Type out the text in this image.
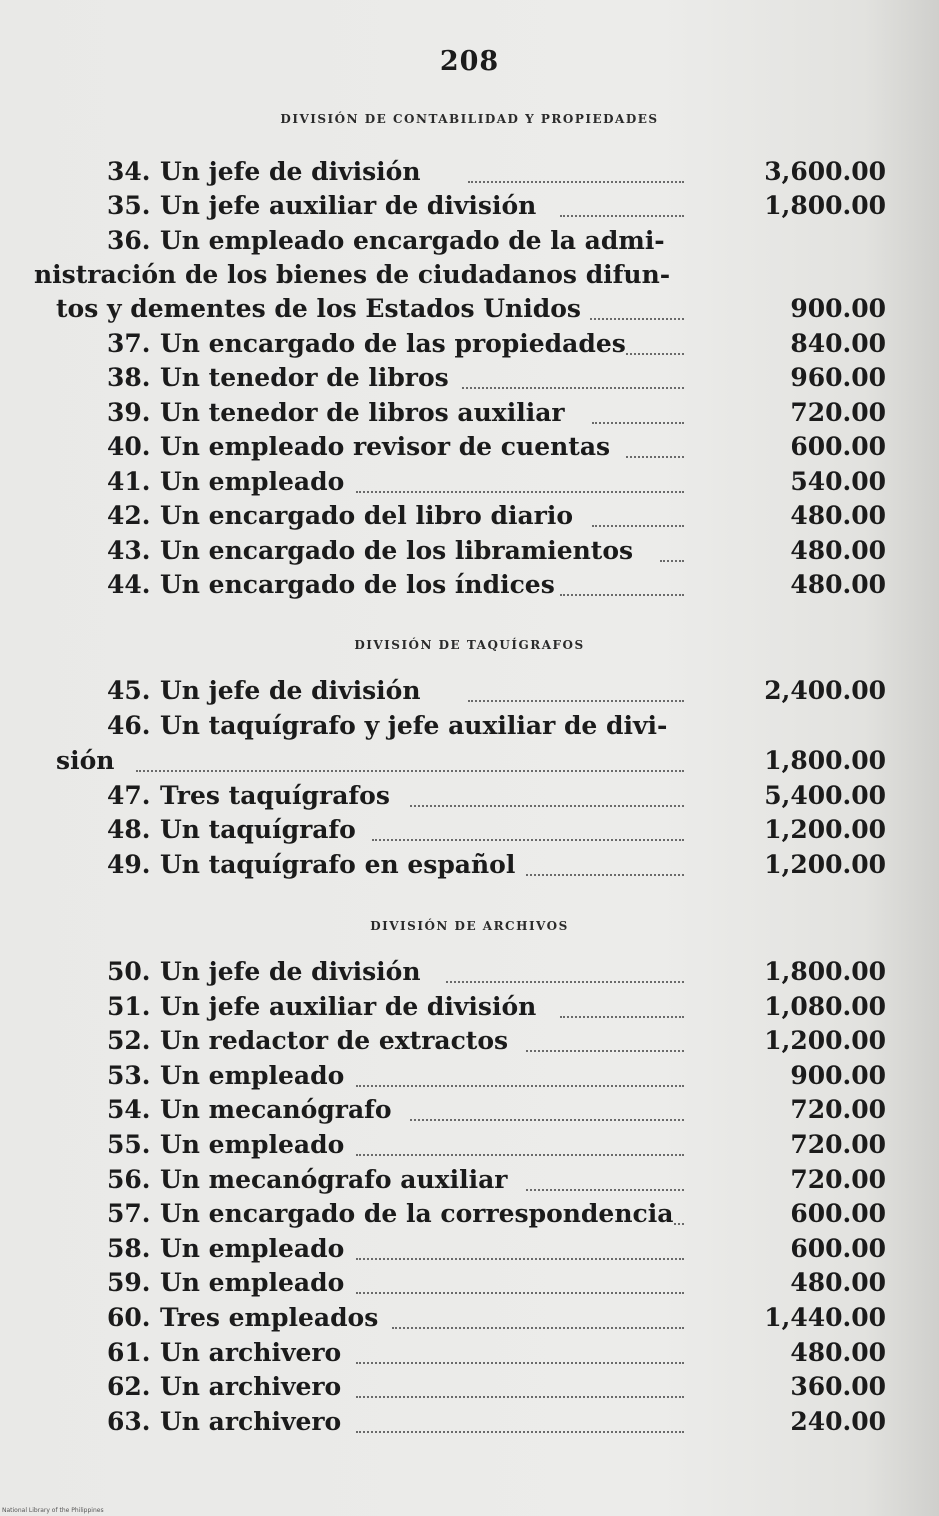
208
DIVISIÓN DE CONTABILIDAD Y PROPIEDADES
34. Un jefe de división	3,600.00
35. Un jefe auxiliar de división	1,800.00
36. Un empleado encargado de la admi-
nistración de los bienes de ciudadanos difun-
tos y dementes de los Estados Unidos	900.00
37. Un encargado de las propiedades	840.00
38. Un tenedor de libros	960.00
39. Un tenedor de libros auxiliar	720.00
40. Un empleado revisor de cuentas	600.00
41. Un empleado	540.00
42. Un encargado del libro diario	480.00
43. Un encargado de los libramientos	480.00
44. Un encargado de los índices	480.00
DIVISIÓN DE TAQUÍGRAFOS
45. Un jefe de división	2,400.00
46. Un taquígrafo y jefe auxiliar de divi-
sión	1,800.00
47. Tres taquígrafos	5,400.00
48. Un taquígrafo	1,200.00
49. Un taquígrafo en español	1,200.00
DIVISIÓN DE ARCHIVOS
50. Un jefe de división	1,800.00
51. Un jefe auxiliar de división	1,080.00
52. Un redactor de extractos	1,200.00
53. Un empleado	900.00
54. Un mecanógrafo	720.00
55. Un empleado	720.00
56. Un mecanógrafo auxiliar	720.00
57. Un encargado de la correspondencia	600.00
58. Un empleado	600.00
59. Un empleado	480.00
60. Tres empleados	1,440.00
61. Un archivero	480.00
62. Un archivero	360.00
63. Un archivero	240.00
National Library of the Philippines
